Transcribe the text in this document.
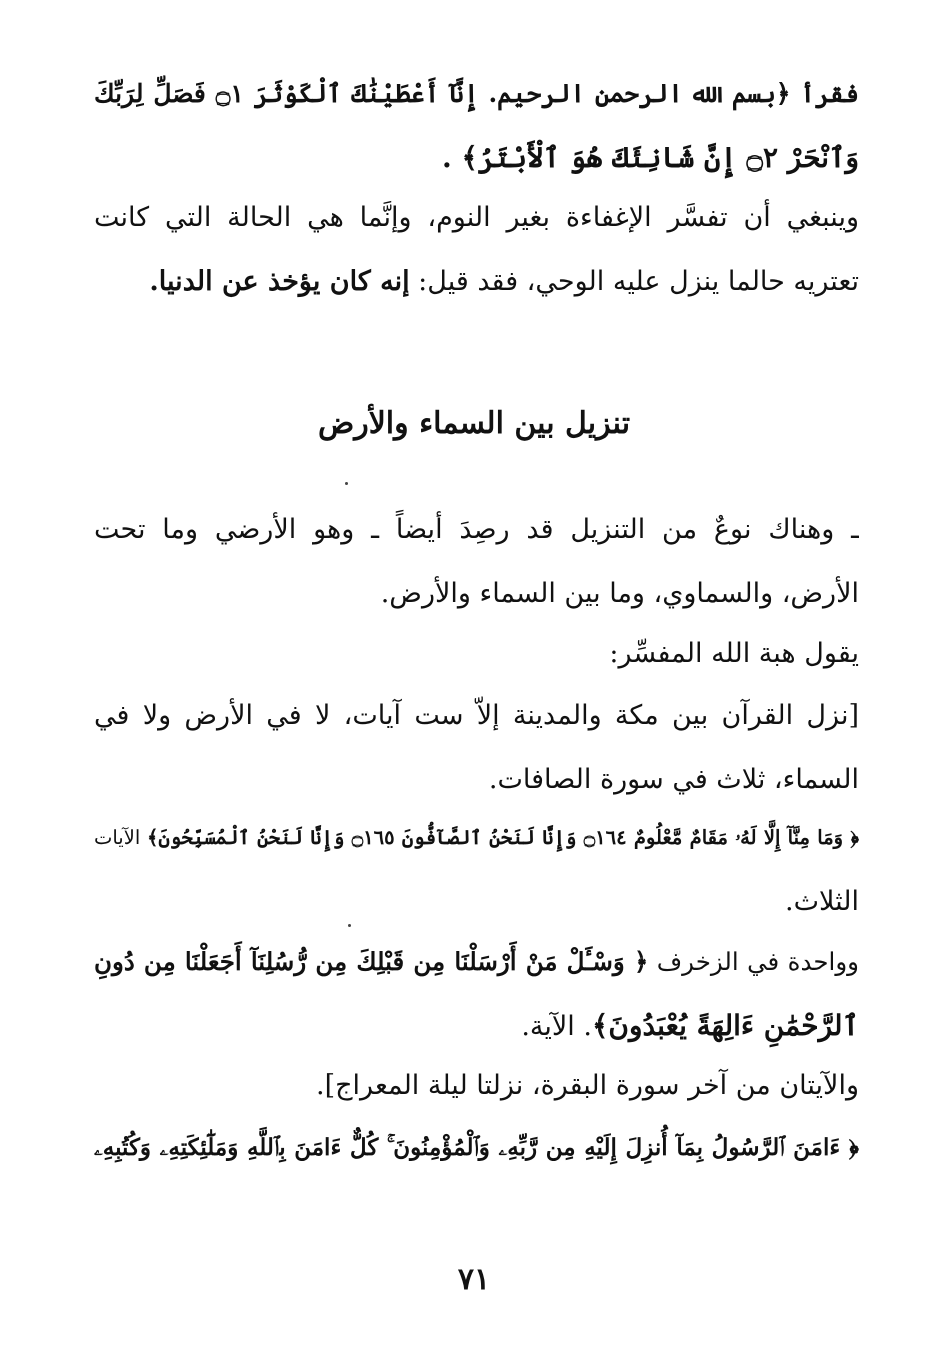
فقرأ ﴿بسم الله الرحمن الرحيم. إِنَّآ أَعْطَيْنَٰكَ ٱلْكَوْثَرَ ۝١ فَصَلِّ لِرَبِّكَ
وَٱنْحَرْ ۝٢ إِنَّ شَانِئَكَ هُوَ ٱلْأَبْتَرُ﴾ .
وينبغي أن تفسَّر الإغفاءة بغير النوم، وإنَّما هي الحالة التي كانت
تعتريه حالما ينزل عليه الوحي، فقد قيل: إنه كان يؤخذ عن الدنيا.
تنزيل بين السماء والأرض
ـ وهناك نوعٌ من التنزيل قد رصِدَ أيضاً ـ وهو الأرضي وما تحت
الأرض، والسماوي، وما بين السماء والأرض.
يقول هبة الله المفسِّر:
[نزل القرآن بين مكة والمدينة إلاّ ست آيات، لا في الأرض ولا في
السماء، ثلاث في سورة الصافات.
﴿ وَمَا مِنَّآ إِلَّا لَهُۥ مَقَامٌ مَّعْلُومٌ ۝١٦٤ وَإِنَّا لَنَحْنُ ٱلصَّآفُّونَ ۝١٦٥ وَإِنَّا لَنَحْنُ ٱلْمُسَبِّحُونَ﴾ الآيات
الثلاث.
وواحدة في الزخرف ﴿ وَسْـَٔلْ مَنْ أَرْسَلْنَا مِن قَبْلِكَ مِن رُّسُلِنَآ أَجَعَلْنَا مِن دُونِ
ٱلرَّحْمَٰنِ ءَالِهَةً يُعْبَدُونَ﴾. الآية.
والآيتان من آخر سورة البقرة، نزلتا ليلة المعراج].
﴿ ءَامَنَ ٱلرَّسُولُ بِمَآ أُنزِلَ إِلَيْهِ مِن رَّبِّهِۦ وَٱلْمُؤْمِنُونَ ۚ كُلٌّ ءَامَنَ بِٱللَّهِ وَمَلَٰٓئِكَتِهِۦ وَكُتُبِهِۦ
٧١
